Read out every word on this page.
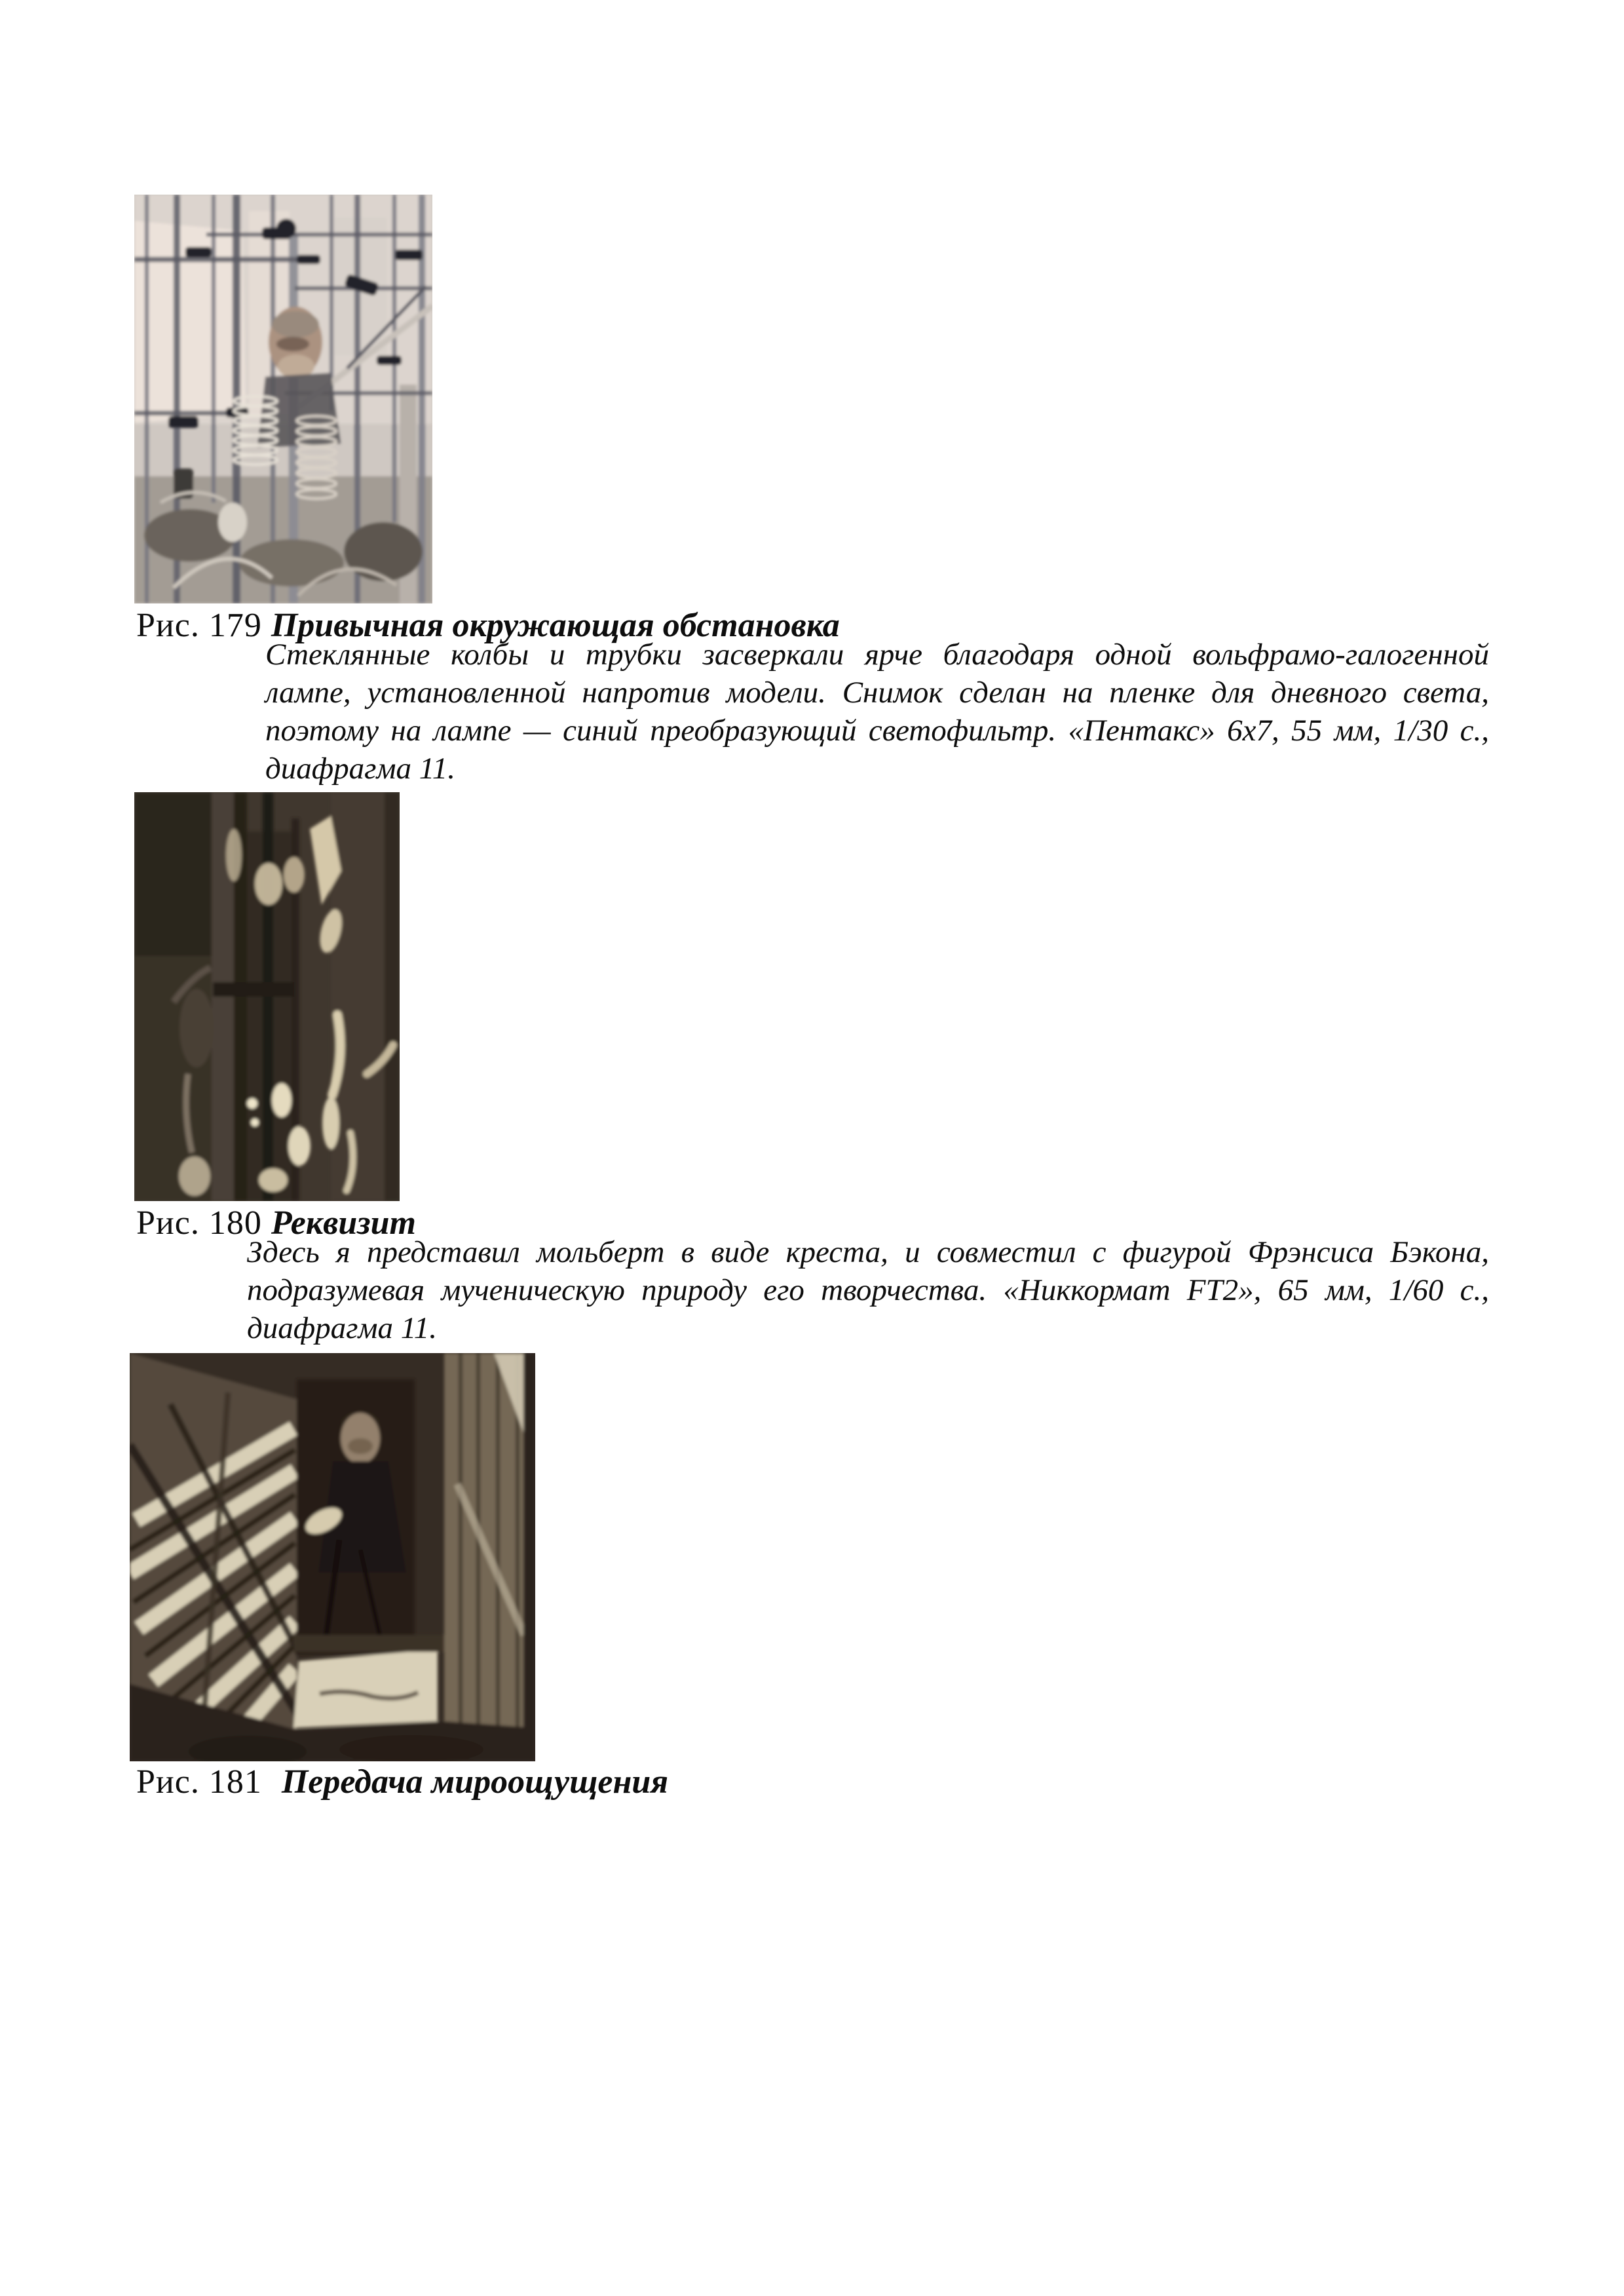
Рис. 179 Привычная окружающая обстановка
Стеклянные колбы и трубки засверкали ярче благодаря одной вольфрамо-галогенной
лампе, установленной напротив модели. Снимок сделан на пленке для дневного света,
поэтому на лампе — синий преобразующий светофильтр. «Пентакс» 6х7, 55 мм, 1/30 с.,
диафрагма 11.
Рис. 180 Реквизит
Здесь я представил мольберт в виде креста, и совместил с фигурой Фрэнсиса Бэкона,
подразумевая мученическую природу его творчества. «Никкормат FT2», 65 мм, 1/60 с.,
диафрагма 11.
Рис. 181 Передача мироощущения
